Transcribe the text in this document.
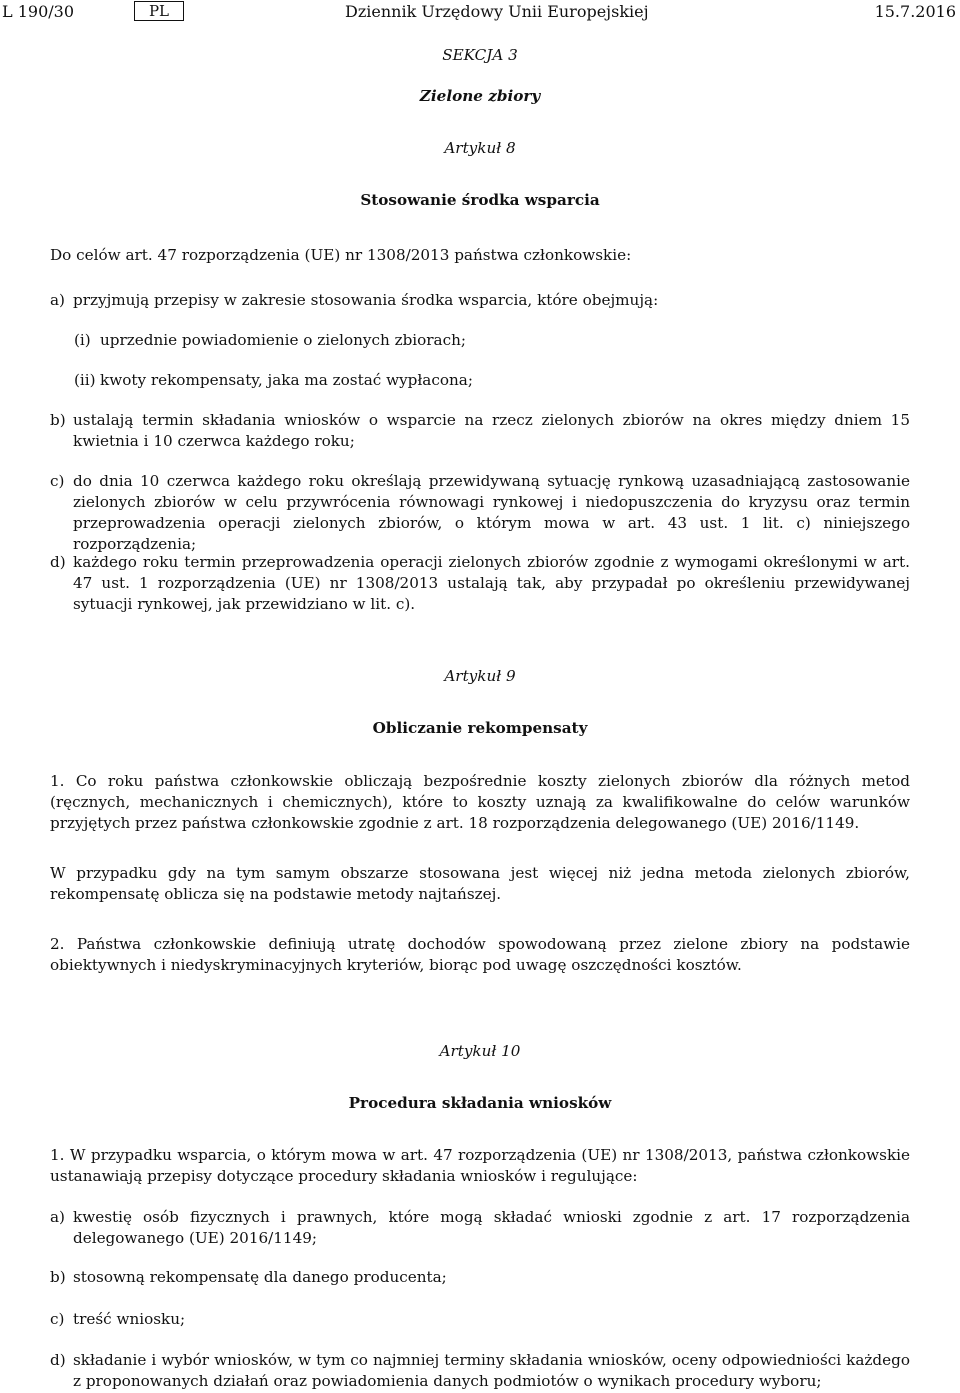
L 190/30	PL	Dziennik Urzędowy Unii Europejskiej	15.7.2016
SEKCJA 3
Zielone zbiory
Artykuł 8
Stosowanie środka wsparcia
Do celów art. 47 rozporządzenia (UE) nr 1308/2013 państwa członkowskie:
a) przyjmują przepisy w zakresie stosowania środka wsparcia, które obejmują:
(i) uprzednie powiadomienie o zielonych zbiorach;
(ii) kwoty rekompensaty, jaka ma zostać wypłacona;
b) ustalają termin składania wniosków o wsparcie na rzecz zielonych zbiorów na okres między dniem 15 kwietnia i 10 czerwca każdego roku;
c) do dnia 10 czerwca każdego roku określają przewidywaną sytuację rynkową uzasadniającą zastosowanie zielonych zbiorów w celu przywrócenia równowagi rynkowej i niedopuszczenia do kryzysu oraz termin przeprowadzenia operacji zielonych zbiorów, o którym mowa w art. 43 ust. 1 lit. c) niniejszego rozporządzenia;
d) każdego roku termin przeprowadzenia operacji zielonych zbiorów zgodnie z wymogami określonymi w art. 47 ust. 1 rozporządzenia (UE) nr 1308/2013 ustalają tak, aby przypadał po określeniu przewidywanej sytuacji rynkowej, jak przewidziano w lit. c).
Artykuł 9
Obliczanie rekompensaty
1. Co roku państwa członkowskie obliczają bezpośrednie koszty zielonych zbiorów dla różnych metod (ręcznych, mechanicznych i chemicznych), które to koszty uznają za kwalifikowalne do celów warunków przyjętych przez państwa członkowskie zgodnie z art. 18 rozporządzenia delegowanego (UE) 2016/1149.
W przypadku gdy na tym samym obszarze stosowana jest więcej niż jedna metoda zielonych zbiorów, rekompensatę oblicza się na podstawie metody najtańszej.
2. Państwa członkowskie definiują utratę dochodów spowodowaną przez zielone zbiory na podstawie obiektywnych i niedyskryminacyjnych kryteriów, biorąc pod uwagę oszczędności kosztów.
Artykuł 10
Procedura składania wniosków
1. W przypadku wsparcia, o którym mowa w art. 47 rozporządzenia (UE) nr 1308/2013, państwa członkowskie ustanawiają przepisy dotyczące procedury składania wniosków i regulujące:
a) kwestię osób fizycznych i prawnych, które mogą składać wnioski zgodnie z art. 17 rozporządzenia delegowanego (UE) 2016/1149;
b) stosowną rekompensatę dla danego producenta;
c) treść wniosku;
d) składanie i wybór wniosków, w tym co najmniej terminy składania wniosków, oceny odpowiedniości każdego z proponowanych działań oraz powiadomienia danych podmiotów o wynikach procedury wyboru;
